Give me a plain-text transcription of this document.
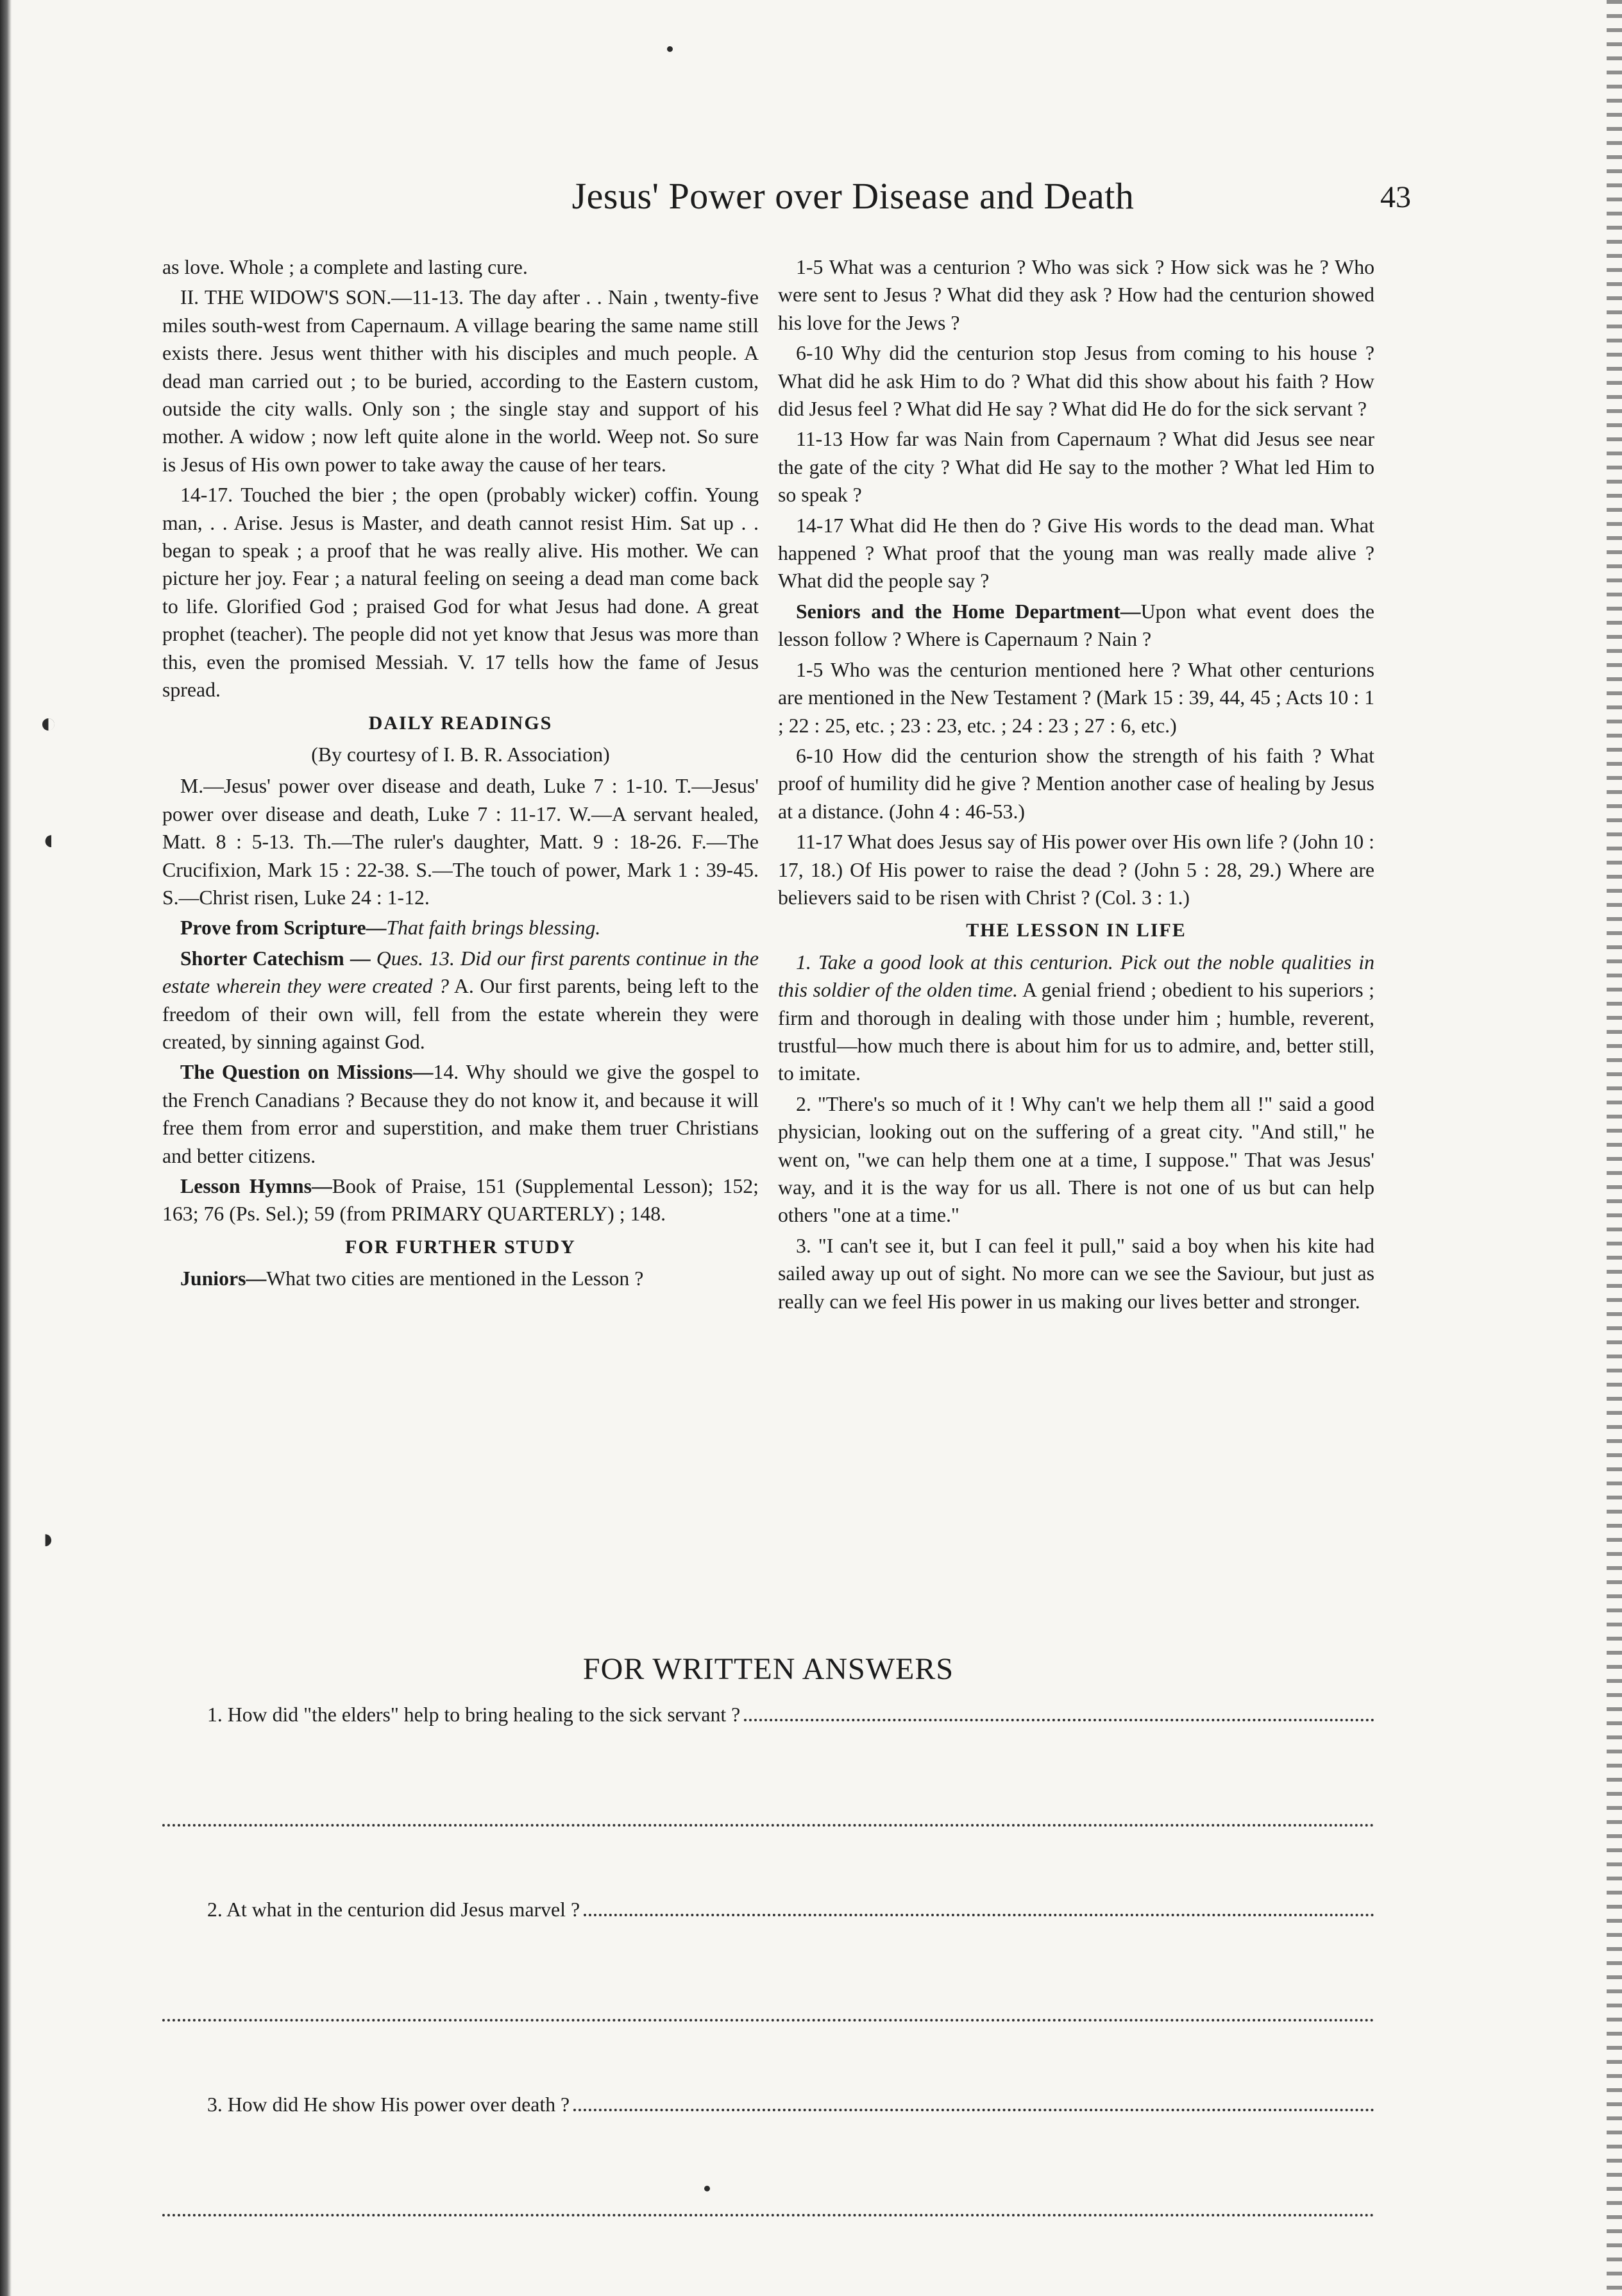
◐
◖
◗
Jesus' Power over Disease and Death	43

as love. Whole ; a complete and lasting cure.

II. THE WIDOW'S SON.—11-13. The day after . . Nain , twenty-five miles south-west from Capernaum. A village bearing the same name still exists there. Jesus went thither with his disciples and much people. A dead man carried out ; to be buried, according to the Eastern custom, outside the city walls. Only son ; the single stay and support of his mother. A widow ; now left quite alone in the world. Weep not. So sure is Jesus of His own power to take away the cause of her tears.

14-17. Touched the bier ; the open (probably wicker) coffin. Young man, . . Arise. Jesus is Master, and death cannot resist Him. Sat up . . began to speak ; a proof that he was really alive. His mother. We can picture her joy. Fear ; a natural feeling on seeing a dead man come back to life. Glorified God ; praised God for what Jesus had done. A great prophet (teacher). The people did not yet know that Jesus was more than this, even the promised Messiah. V. 17 tells how the fame of Jesus spread.

DAILY READINGS

(By courtesy of I. B. R. Association)

M.—Jesus' power over disease and death, Luke 7 : 1-10. T.—Jesus' power over disease and death, Luke 7 : 11-17. W.—A servant healed, Matt. 8 : 5-13. Th.—The ruler's daughter, Matt. 9 : 18-26. F.—The Crucifixion, Mark 15 : 22-38. S.—The touch of power, Mark 1 : 39-45. S.—Christ risen, Luke 24 : 1-12.

Prove from Scripture—That faith brings blessing.

Shorter Catechism — Ques. 13. Did our first parents continue in the estate wherein they were created ? A. Our first parents, being left to the freedom of their own will, fell from the estate wherein they were created, by sinning against God.

The Question on Missions—14. Why should we give the gospel to the French Canadians ? Because they do not know it, and because it will free them from error and superstition, and make them truer Christians and better citizens.

Lesson Hymns—Book of Praise, 151 (Supplemental Lesson); 152; 163; 76 (Ps. Sel.); 59 (from PRIMARY QUARTERLY) ; 148.

FOR FURTHER STUDY

Juniors—What two cities are mentioned in the Lesson ?

1-5 What was a centurion ? Who was sick ? How sick was he ? Who were sent to Jesus ? What did they ask ? How had the centurion showed his love for the Jews ?

6-10 Why did the centurion stop Jesus from coming to his house ? What did he ask Him to do ? What did this show about his faith ? How did Jesus feel ? What did He say ? What did He do for the sick servant ?

11-13 How far was Nain from Capernaum ? What did Jesus see near the gate of the city ? What did He say to the mother ? What led Him to so speak ?

14-17 What did He then do ? Give His words to the dead man. What happened ? What proof that the young man was really made alive ? What did the people say ?

Seniors and the Home Department—Upon what event does the lesson follow ? Where is Capernaum ? Nain ?

1-5 Who was the centurion mentioned here ? What other centurions are mentioned in the New Testament ? (Mark 15 : 39, 44, 45 ; Acts 10 : 1 ; 22 : 25, etc. ; 23 : 23, etc. ; 24 : 23 ; 27 : 6, etc.)

6-10 How did the centurion show the strength of his faith ? What proof of humility did he give ? Mention another case of healing by Jesus at a distance. (John 4 : 46-53.)

11-17 What does Jesus say of His power over His own life ? (John 10 : 17, 18.) Of His power to raise the dead ? (John 5 : 28, 29.) Where are believers said to be risen with Christ ? (Col. 3 : 1.)

THE LESSON IN LIFE

1. Take a good look at this centurion. Pick out the noble qualities in this soldier of the olden time. A genial friend ; obedient to his superiors ; firm and thorough in dealing with those under him ; humble, reverent, trustful—how much there is about him for us to admire, and, better still, to imitate.

2. "There's so much of it ! Why can't we help them all !" said a good physician, looking out on the suffering of a great city. "And still," he went on, "we can help them one at a time, I suppose." That was Jesus' way, and it is the way for us all. There is not one of us but can help others "one at a time."

3. "I can't see it, but I can feel it pull," said a boy when his kite had sailed away up out of sight. No more can we see the Saviour, but just as really can we feel His power in us making our lives better and stronger.

FOR WRITTEN ANSWERS
1. How did "the elders" help to bring healing to the sick servant ?
2. At what in the centurion did Jesus marvel ?
3. How did He show His power over death ?
